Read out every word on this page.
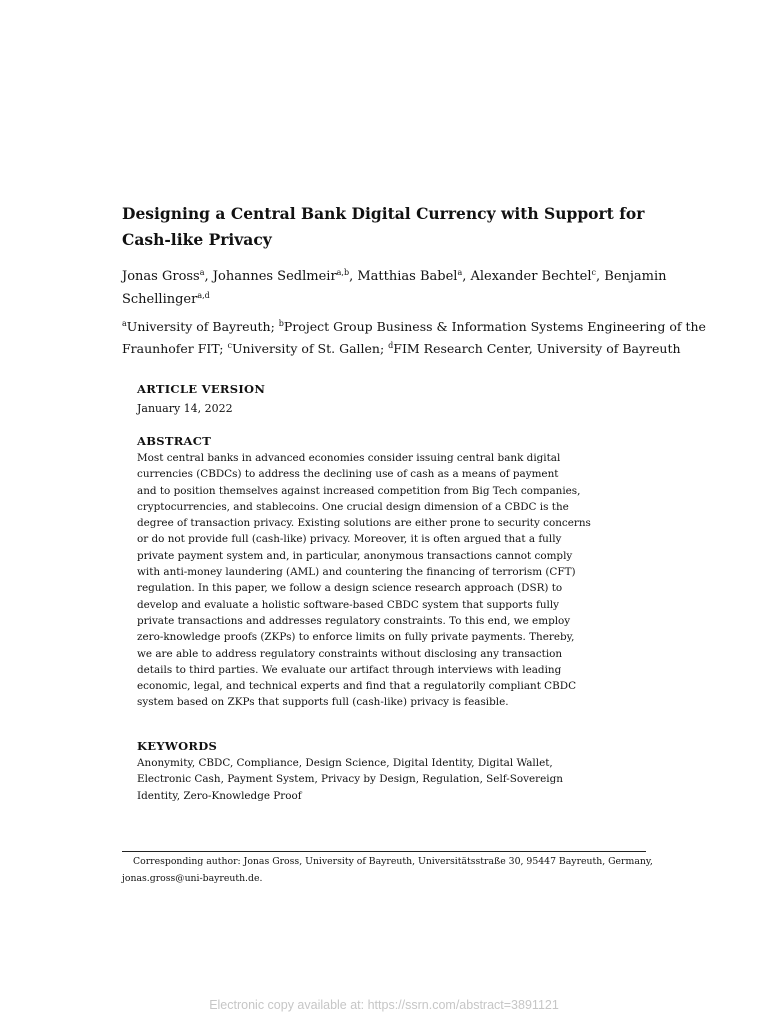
Designing a Central Bank Digital Currency with Support for
Cash-like Privacy
Jonas Gross$^a$, Johannes Sedlmeir$^{a,b}$, Matthias Babel$^a$, Alexander Bechtel$^c$, Benjamin
Schellinger$^{a,d}$
$^a$University of Bayreuth; $^b$Project Group Business & Information Systems Engineering of the
Fraunhofer FIT; $^c$University of St. Gallen; $^d$FIM Research Center, University of Bayreuth
ARTICLE VERSION

January 14, 2022

ABSTRACT
Most central banks in advanced economies consider issuing central bank digital
currencies (CBDCs) to address the declining use of cash as a means of payment
and to position themselves against increased competition from Big Tech companies,
cryptocurrencies, and stablecoins. One crucial design dimension of a CBDC is the
degree of transaction privacy. Existing solutions are either prone to security concerns
or do not provide full (cash-like) privacy. Moreover, it is often argued that a fully
private payment system and, in particular, anonymous transactions cannot comply
with anti-money laundering (AML) and countering the financing of terrorism (CFT)
regulation. In this paper, we follow a design science research approach (DSR) to
develop and evaluate a holistic software-based CBDC system that supports fully
private transactions and addresses regulatory constraints. To this end, we employ
zero-knowledge proofs (ZKPs) to enforce limits on fully private payments. Thereby,
we are able to address regulatory constraints without disclosing any transaction
details to third parties. We evaluate our artifact through interviews with leading
economic, legal, and technical experts and find that a regulatorily compliant CBDC
system based on ZKPs that supports full (cash-like) privacy is feasible.
KEYWORDS
Anonymity, CBDC, Compliance, Design Science, Digital Identity, Digital Wallet,
Electronic Cash, Payment System, Privacy by Design, Regulation, Self-Sovereign
Identity, Zero-Knowledge Proof
Corresponding author: Jonas Gross, University of Bayreuth, Universitätsstraße 30, 95447 Bayreuth, Germany,
jonas.gross@uni-bayreuth.de.

Electronic copy available at: https://ssrn.com/abstract=3891121
